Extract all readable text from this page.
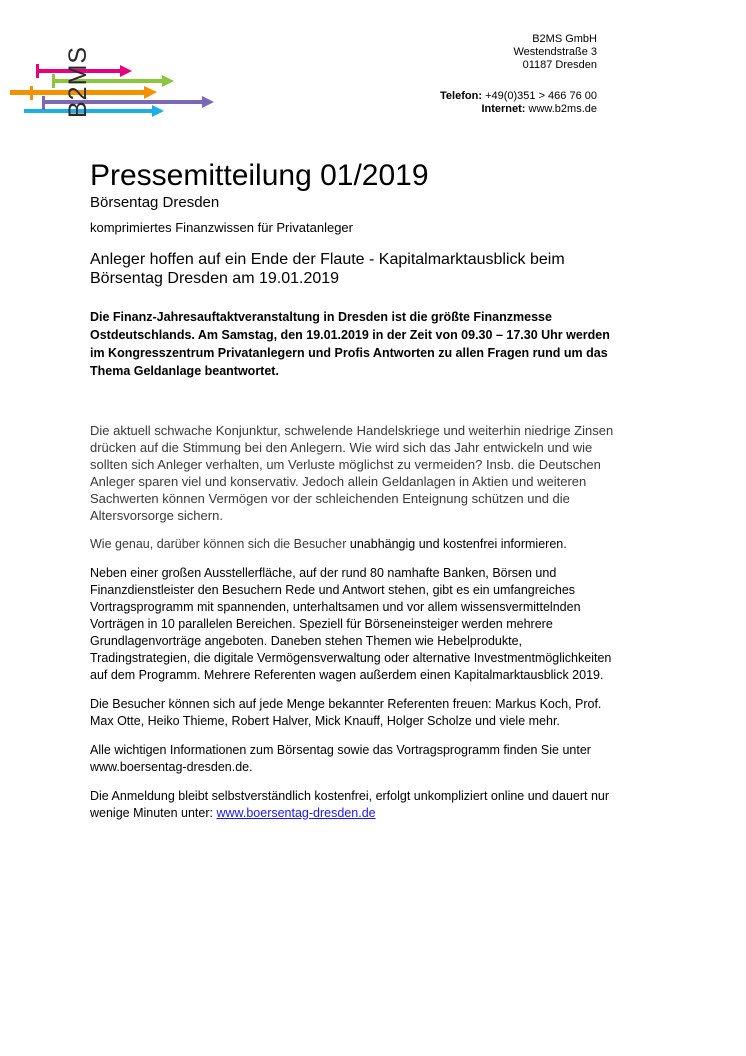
B2MS
B2MS GmbH
Westendstraße 3
01187 Dresden
Telefon: +49(0)351 > 466 76 00
Internet: www.b2ms.de
Pressemitteilung 01/2019

Börsentag Dresden

komprimiertes Finanzwissen für Privatanleger

Anleger hoffen auf ein Ende der Flaute - Kapitalmarktausblick beim Börsentag Dresden am 19.01.2019

Die Finanz-Jahresauftaktveranstaltung in Dresden ist die größte Finanzmesse Ostdeutschlands. Am Samstag, den 19.01.2019 in der Zeit von 09.30 – 17.30 Uhr werden im Kongresszentrum Privatanlegern und Profis Antworten zu allen Fragen rund um das Thema Geldanlage beantwortet.

Die aktuell schwache Konjunktur, schwelende Handelskriege und weiterhin niedrige Zinsen drücken auf die Stimmung bei den Anlegern. Wie wird sich das Jahr entwickeln und wie sollten sich Anleger verhalten, um Verluste möglichst zu vermeiden? Insb. die Deutschen Anleger sparen viel und konservativ. Jedoch allein Geldanlagen in Aktien und weiteren Sachwerten können Vermögen vor der schleichenden Enteignung schützen und die Altersvorsorge sichern.

Wie genau, darüber können sich die Besucher unabhängig und kostenfrei informieren.

Neben einer großen Ausstellerfläche, auf der rund 80 namhafte Banken, Börsen und Finanzdienstleister den Besuchern Rede und Antwort stehen, gibt es ein umfangreiches Vortragsprogramm mit spannenden, unterhaltsamen und vor allem wissensvermittelnden Vorträgen in 10 parallelen Bereichen. Speziell für Börseneinsteiger werden mehrere Grundlagenvorträge angeboten. Daneben stehen Themen wie Hebelprodukte, Tradingstrategien, die digitale Vermögensverwaltung oder alternative Investmentmöglichkeiten auf dem Programm. Mehrere Referenten wagen außerdem einen Kapitalmarktausblick 2019.

Die Besucher können sich auf jede Menge bekannter Referenten freuen: Markus Koch, Prof. Max Otte, Heiko Thieme, Robert Halver, Mick Knauff, Holger Scholze und viele mehr.

Alle wichtigen Informationen zum Börsentag sowie das Vortragsprogramm finden Sie unter www.boersentag-dresden.de.

Die Anmeldung bleibt selbstverständlich kostenfrei, erfolgt unkompliziert online und dauert nur wenige Minuten unter: www.boersentag-dresden.de
